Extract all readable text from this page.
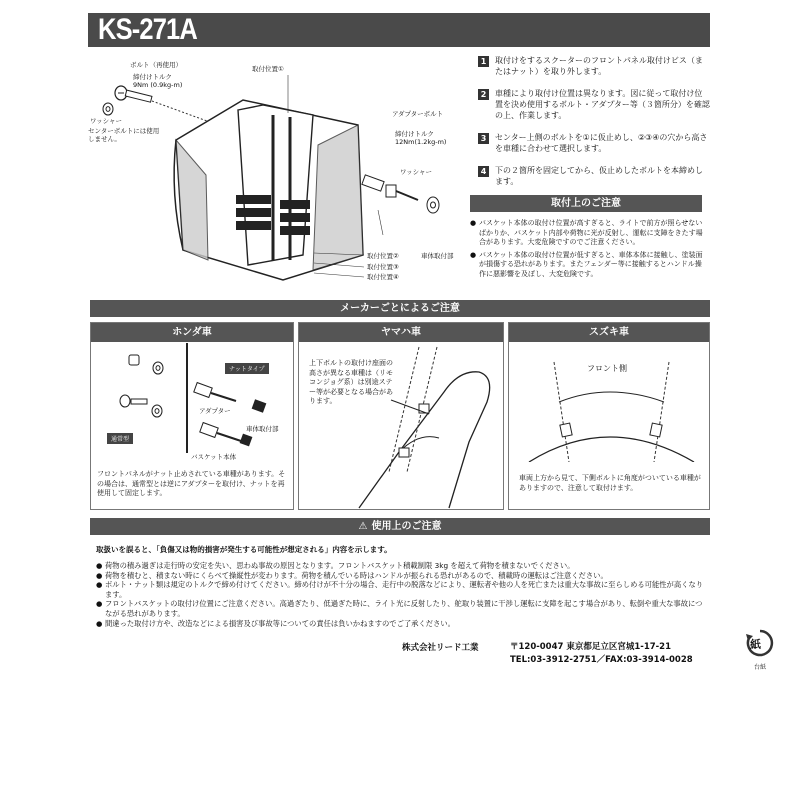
KS-271A
ボルト（再使用）
締付けトルク
9Nm (0.9kg-m)
ワッシャー
センターボルトには使用しません。
取付位置①
アダプターボルト
締付けトルク
12Nm(1.2kg-m)
ワッシャー
車体取付部
取付位置②
取付位置③
取付位置④
1	取付けをするスクーターのフロントパネル取付けビス（またはナット）を取り外します。
2	車種により取付け位置は異なります。図に従って取付け位置を決め使用するボルト・アダプター等（３箇所分）を確認の上、作業します。
3	センター上側のボルトを①に仮止めし、②③④の穴から高さを車種に合わせて選択します。
4	下の２箇所を固定してから、仮止めしたボルトを本締めします。
取付上のご注意
● バスケット本体の取付け位置が高すぎると、ライトで前方が照らせないばかりか、バスケット内部や荷物に光が反射し、運転に支障をきたす場合があります。大変危険ですのでご注意ください。
● バスケット本体の取付け位置が低すぎると、車体本体に接触し、塗装面が損傷する恐れがあります。またフェンダー等に接触するとハンドル操作に悪影響を及ぼし、大変危険です。
メーカーごとによるご注意
ホンダ車
ナットタイプ
アダプター
車体取付部
通常型
バスケット本体
フロントパネルがナット止めされている車種があります。その場合は、通常型とは逆にアダプターを取付け、ナットを再使用して固定します。
ヤマハ車
上下ボルトの取付け座面の高さが異なる車種は（リモコンジョグ系）は別途ステー等が必要となる場合があります。
スズキ車
フロント側
車両上方から見て、下側ボルトに角度がついている車種がありますので、注意して取付けます。
⚠ 使用上のご注意
取扱いを誤ると、「負傷又は物的損害が発生する可能性が想定される」内容を示します。
● 荷物の積み過ぎは走行時の安定を失い、思わぬ事故の原因となります。フロントバスケット積載制限 3kg を超えて荷物を積まないでください。
● 荷物を積むと、積まない時にくらべて操縦性が変わります。荷物を積んでいる時はハンドルが振られる恐れがあるので、積載時の運転はご注意ください。
● ボルト・ナット類は規定のトルクで締め付けてください。締め付けが不十分の場合、走行中の脱落などにより、運転者や他の人を死亡または重大な事故に至らしめる可能性が高くなります。
● フロントバスケットの取付け位置にご注意ください。高過ぎたり、低過ぎた時に、ライト光に反射したり、舵取り装置に干渉し運転に支障を起こす場合があり、転倒や重大な事故につながる恐れがあります。
● 間違った取付け方や、改造などによる損害及び事故等についての責任は負いかねますのでご了承ください。
株式会社リード工業	〒120-0047 東京都足立区宮城1-17-21
TEL:03-3912-2751／FAX:03-3914-0028
紙
台紙
